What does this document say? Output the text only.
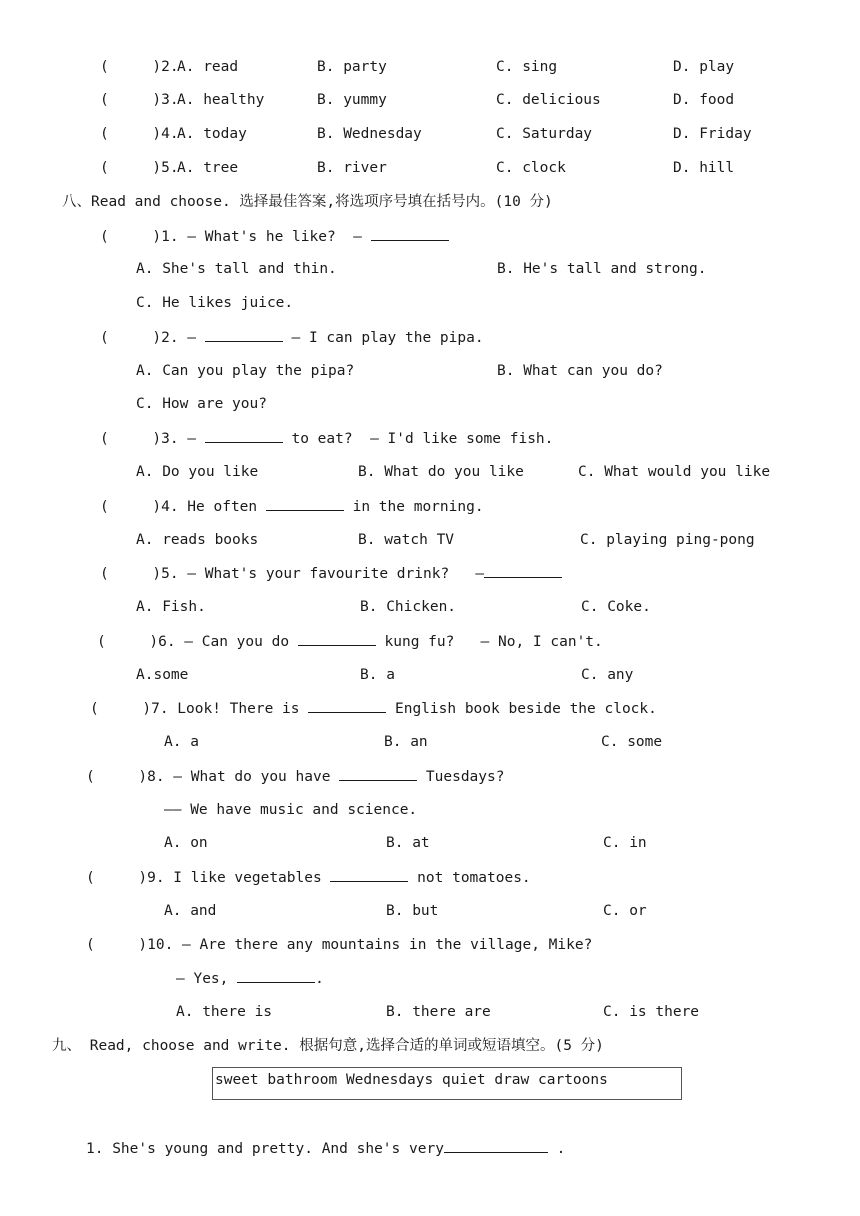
(     )2.
A. read	B. party	C. sing	D. play
(     )3.
A. healthy	B. yummy	C. delicious	D. food
(     )4.
A. today	B. Wednesday	C. Saturday	D. Friday
(     )5.
A. tree	B. river	C. clock	D. hill
八、Read and choose. 选择最佳答案,将选项序号填在括号内。(10 分)
(     )1. — What's he like?  —
A. She's tall and thin.	B. He's tall and strong.
C. He likes juice.
(     )2. —	— I can play the pipa.
A. Can you play the pipa?	B. What can you do?
C. How are you?
(     )3. —	to eat?  — I'd like some fish.
A. Do you like	B. What do you like	C. What would you like
(     )4. He often	in the morning.
A. reads books	B. watch TV	C. playing ping-pong
(     )5. — What's your favourite drink?   —
A. Fish.	B. Chicken.	C. Coke.
(     )6. — Can you do	kung fu?   — No, I can't.
A.some	B. a	C. any
(     )7. Look! There is	English book beside the clock.
A. a	B. an	C. some
(     )8. — What do you have	Tuesdays?
—— We have music and science.
A. on	B. at	C. in
(     )9. I like vegetables	not tomatoes.
A. and	B. but	C. or
(     )10. — Are there any mountains in the village, Mike?
— Yes,	.
A. there is	B. there are	C. is there
九、 Read, choose and write. 根据句意,选择合适的单词或短语填空。(5 分)
sweet bathroom Wednesdays quiet draw cartoons
1. She's young and pretty. And she's very	.
